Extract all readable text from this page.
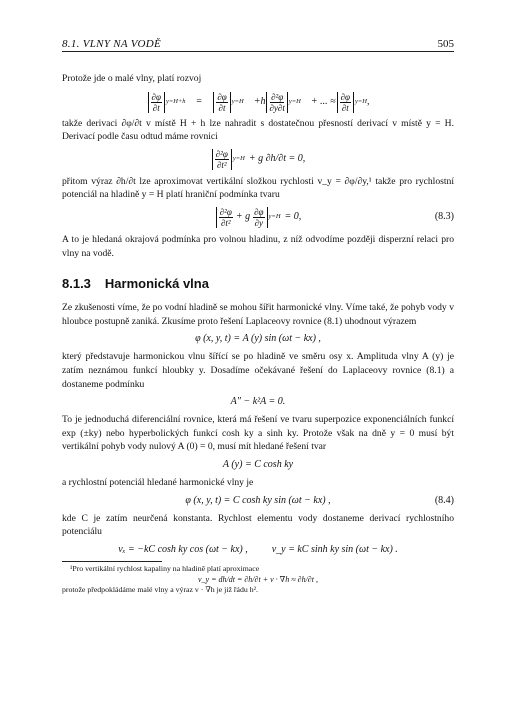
8.1. VLNY NA VODĚ	505

Protože jde o malé vlny, platí rozvoj

$\frac{\partial\varphi}{\partial t} y=H+h = \frac{\partial\varphi}{\partial t} y=H +h \frac{\text{∂²φ}}{\partial y\partial t} y=H$ + ... ≈ $\frac{\partial\varphi}{\partial t} y=H$ ,

takže derivaci ∂φ/∂t v místě H + h lze nahradit s dostatečnou přesností derivací v místě y = H. Derivací podle času odtud máme rovnici

$\frac{\text{∂²φ}}{\text{∂t²}} y=H + g$ ∂h/∂t = 0,

přitom výraz ∂h/∂t lze aproximovat vertikální složkou rychlosti v_y = ∂φ/∂y,¹ takže pro rychlostní potenciál na hladině y = H platí hraniční podmínka tvaru

$\frac{\text{∂²φ}}{\text{∂t²}} + g \frac{\partial\varphi}{\partial y} y=H = 0$,	(8.3)

A to je hledaná okrajová podmínka pro volnou hladinu, z níž odvodíme později disperzní relaci pro vlny na vodě.

8.1.3 Harmonická vlna

Ze zkušenosti víme, že po vodní hladině se mohou šířit harmonické vlny. Víme také, že pohyb vody v hloubce postupně zaniká. Zkusíme proto řešení Laplaceovy rovnice (8.1) uhodnout výrazem

φ (x, y, t) = A (y) sin (ωt − kx) ,

který představuje harmonickou vlnu šířící se po hladině ve směru osy x. Amplituda vlny A (y) je zatím neznámou funkcí hloubky y. Dosadíme očekávané řešení do Laplaceovy rovnice (8.1) a dostaneme podmínku

A″ − k²A = 0.

To je jednoduchá diferenciální rovnice, která má řešení ve tvaru superpozice exponenciálních funkcí exp (±ky) nebo hyperbolických funkcí cosh ky a sinh ky. Protože však na dně y = 0 musí být vertikální pohyb vody nulový A (0) = 0, musí mít hledané řešení tvar

A (y) = C cosh ky

a rychlostní potenciál hledané harmonické vlny je

φ (x, y, t) = C cosh ky sin (ωt − kx) ,	(8.4)

kde C je zatím neurčená konstanta. Rychlost elementu vody dostaneme derivací rychlostního potenciálu

vₓ = −kC cosh ky cos (ωt − kx) , v_y = kC sinh ky sin (ωt − kx) .

¹Pro vertikální rychlost kapaliny na hladině platí aproximace

v_y = dh/dt = ∂h/∂t + v · ∇h ≈ ∂h/∂t ,

protože předpokládáme malé vlny a výraz v · ∇h je již řádu h².
